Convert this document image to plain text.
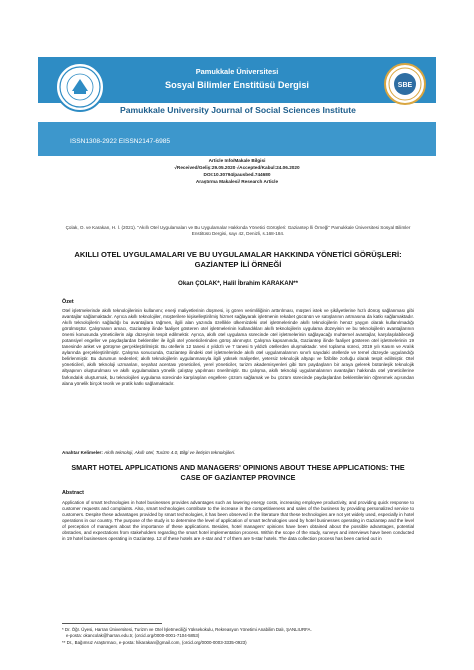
Pamukkale Üniversitesi
Sosyal Bilimler Enstitüsü Dergisi	SBE
Pamukkale University Journal of Social Sciences Institute
ISSN1308-2922 EISSN2147-6985
Article Info/Makale Bilgisi
√Received/Geliş:29.05.2020 √Accepted/Kabul:24.06.2020
DOI:10.30794/pausbed.744680
Araştırma Makalesi/ Research Article
Çolak, O. ve Karakan, H. İ. (2021). "Akıllı Otel Uygulamaları ve Bu Uygulamalar Hakkında Yönetici Görüşleri: Gaziantep İli Örneği" Pamukkale Üniversitesi Sosyal Bilimler Enstitüsü Dergisi, sayı 42, Denizli, s.168-184.
AKILLI OTEL UYGULAMALARI VE BU UYGULAMALAR HAKKINDA YÖNETİCİ GÖRÜŞLERİ: GAZİANTEP İLİ ÖRNEĞİ
Okan ÇOLAK*, Halil İbrahim KARAKAN**
Özet
Otel işletmelerinde akıllı teknolojilerinin kullanımı; enerji maliyetlerinin düşmesi, iş gören verimliliğinin arttırılması, müşteri istek ve şikâyetlerine hızlı dönüş sağlanması gibi avantajlar sağlamaktadır. Ayrıca akıllı teknolojiler, müşterilere kişiselleştirilmiş hizmet sağlayarak işletmenin rekabet gücünün ve satışlarının artmasına da katkı sağlamaktadır. Akıllı teknolojilerin sağladığı bu avantajlara rağmen, ilgili alan yazında özellikle ülkemizdeki otel işletmelerinde akıllı teknolojilerin henüz yaygın olarak kullanılmadığı görülmüştür. Çalışmanın amacı, Gaziantep ilinde faaliyet gösteren otel işletmelerinin kullandıkları akıllı teknolojilerin uygulama düzeyinin ve bu teknolojilerin avantajlarının önemi konusunda yöneticilerin algı düzeyinin tespit edilmektir. Ayrıca, akıllı otel uygulama sürecinde otel işletmelerinin sağlayacağı muhtemel avantajlar, karşılaşılabileceği potansiyel engeller ve paydaşlardan beklentiler ile ilgili otel yöneticilerinden görüş alınmıştır. Çalışma kapsamında, Gaziantep ilinde faaliyet gösteren otel işletmelerinin 19 tanesinde anket ve görüşme gerçekleştirilmiştir. Bu otellerin 12 tanesi 4 yıldızlı ve 7 tanesi 5 yıldızlı otellerden oluşmaktadır. Veri toplama süreci, 2019 yılı Kasım ve Aralık aylarında gerçekleştirilmiştir. Çalışma sonucunda, Gaziantep ilindeki otel işletmelerinde akıllı otel uygulamalarının sınırlı sayıdaki otellerde ve temel düzeyde uygulandığı belirlenmiştir. Bu durumun nedenleri; akıllı teknolojilerin uygulanmasıyla ilgili yüksek maliyetler, yetersiz teknolojik altyapı ve fiziblite zorluğu olarak tespit edilmiştir. Otel yöneticileri, akıllı teknoloji uzmanları, seyahat acentası yöneticileri, yerel yöneticiler, turizm akademisyenleri gibi tüm paydaşların bir araya gelerek bütünleşik teknolojik altyapının oluşturulması ve akıllı uygulamalara yönelik çalıştay yapılması önerilmiştir. Bu çalışma, akıllı teknoloji uygulamalarının avantajları hakkında otel yöneticilerine farkındalık oluşturmak, bu teknolojileri uygulama sürecinde karşılaşılan engellere çözüm sağlamak ve bu çözüm sürecinde paydaşlardan beklentilerinin öğrenmek açısından alana yönelik birçok teorik ve pratik katkı sağlamaktadır.
Anahtar Kelimeler: Akıllı teknoloji, Akıllı otel, Turizm 4.0, Bilgi ve iletişim teknolojileri.
SMART HOTEL APPLICATIONS AND MANAGERS' OPINIONS ABOUT THESE APPLICATIONS: THE CASE OF GAZİANTEP PROVINCE
Abstract
Application of smart technologies in hotel businesses provides advantages such as lowering energy costs, increasing employee productivity, and providing quick response to customer requests and complaints. Also, smart technologies contribute to the increase in the competitiveness and sales of the business by providing personalized service to customers. Despite these advantages provided by smart technologies, it has been observed in the literature that these technologies are not yet widely used, especially in hotel operations in our country. The purpose of the study is to determine the level of application of smart technologies used by hotel businesses operating in Gaziantep and the level of perception of managers about the importance of these applications. Besides, hotel managers' opinions have been obtained about the possible advantages, potential obstacles, and expectations from stakeholders regarding the smart hotel implementation process. Within the scope of the study, surveys and interviews have been conducted in 19 hotel businesses operating in Gaziantep. 12 of these hotels are 4-star and 7 of them are 5-star hotels. The data collection process has been carried out in
* Dr. Öğr. Üyesi, Harran Üniversitesi, Turizm ve Otel İşletmeciliği Yüksekokulu, Rekreasyon Yönetimi Anabilim Dalı, ŞANLIURFA.
e-posta: okancolak@harran.edu.tr, (orcid.org/0000-0001-7104-5853)
** Dr., Bağımsız Araştırmacı, e-posta: hikarakan@gmail.com, (orcid.org/0000-0003-3335-0923)
